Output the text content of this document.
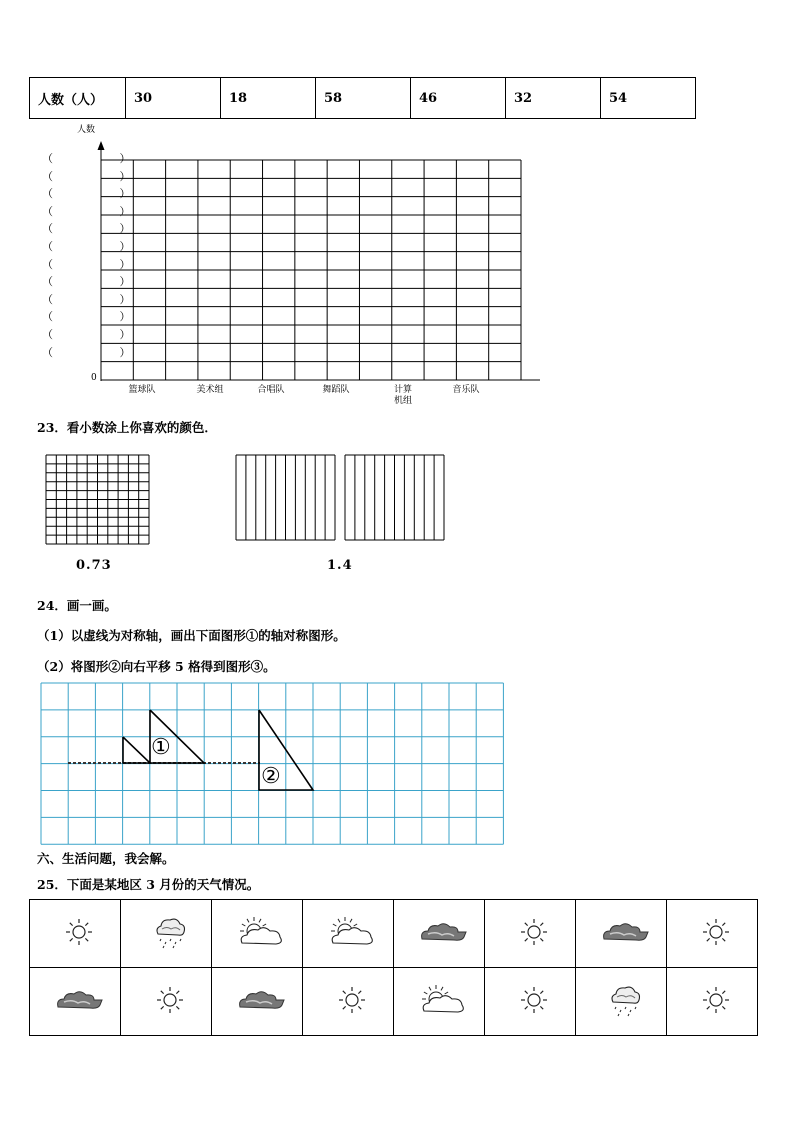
人数（人）	30	18	58	46	32	54
人数
0
（   ）
（   ）
（   ）
（   ）
（   ）
（   ）
（   ）
（   ）
（   ）
（   ）
（   ）
（   ）
篮球队	美术组	合唱队	舞蹈队	计算机组
音乐队
23．看小数涂上你喜欢的颜色．
0.73	1.4
24．画一画。
（1）以虚线为对称轴，画出下面图形①的轴对称图形。
（2）将图形②向右平移 5 格得到图形③。
①
②
六、生活问题，我会解。
25．下面是某地区 3 月份的天气情况。
